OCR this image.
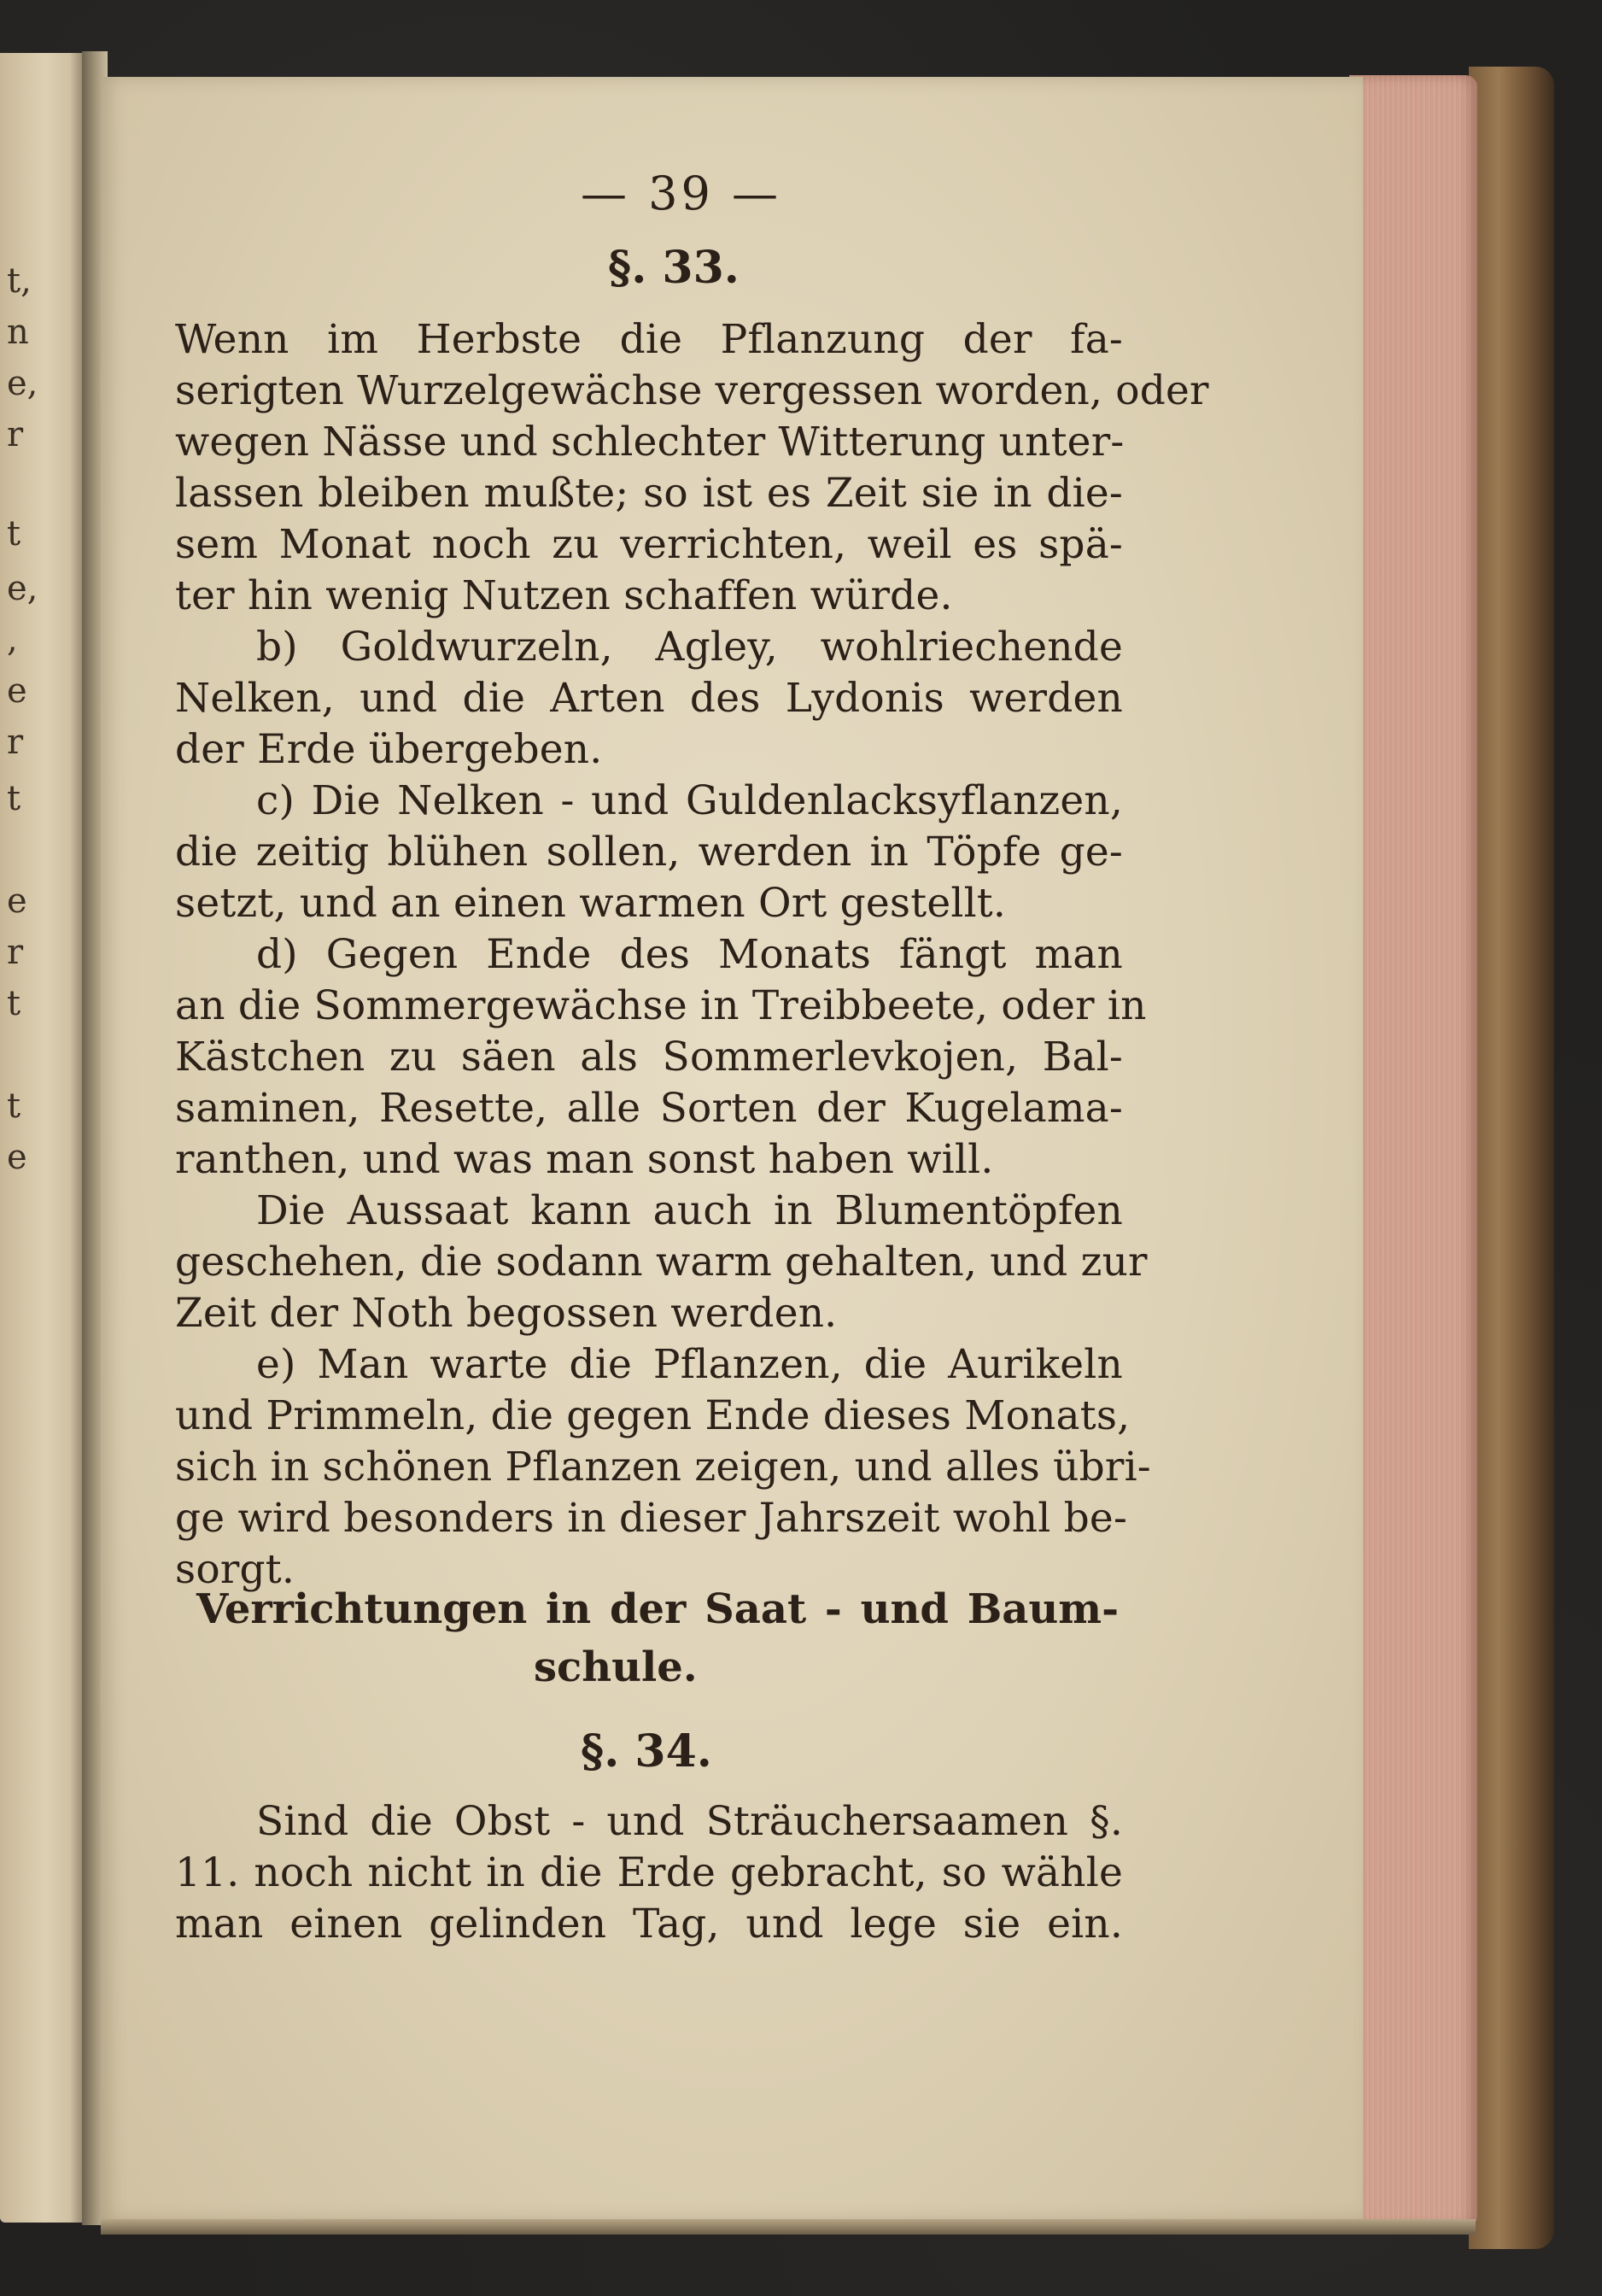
t,
n
e,
r
t
e,
,
e
r
t
e
r
t
t
e

— 39 —

§. 33.

Wenn im Herbste die Pflanzung der fa-

serigten Wurzelgewächse vergessen worden, oder

wegen Nässe und schlechter Witterung unter-

lassen bleiben mußte; so ist es Zeit sie in die-

sem Monat noch zu verrichten, weil es spä-

ter hin wenig Nutzen schaffen würde.

b) Goldwurzeln, Agley, wohlriechende

Nelken, und die Arten des Lydonis werden

der Erde übergeben.

c) Die Nelken - und Guldenlacksyflanzen,

die zeitig blühen sollen, werden in Töpfe ge-

setzt, und an einen warmen Ort gestellt.

d) Gegen Ende des Monats fängt man

an die Sommergewächse in Treibbeete, oder in

Kästchen zu säen als Sommerlevkojen, Bal-

saminen, Resette, alle Sorten der Kugelama-

ranthen, und was man sonst haben will.

Die Aussaat kann auch in Blumentöpfen

geschehen, die sodann warm gehalten, und zur

Zeit der Noth begossen werden.

e) Man warte die Pflanzen, die Aurikeln

und Primmeln, die gegen Ende dieses Monats,

sich in schönen Pflanzen zeigen, und alles übri-

ge wird besonders in dieser Jahrszeit wohl be-

sorgt.

Verrichtungen in der Saat - und Baum-
schule.

§. 34.

Sind die Obst - und Sträuchersaamen §.

11. noch nicht in die Erde gebracht, so wähle

man einen gelinden Tag, und lege sie ein.
